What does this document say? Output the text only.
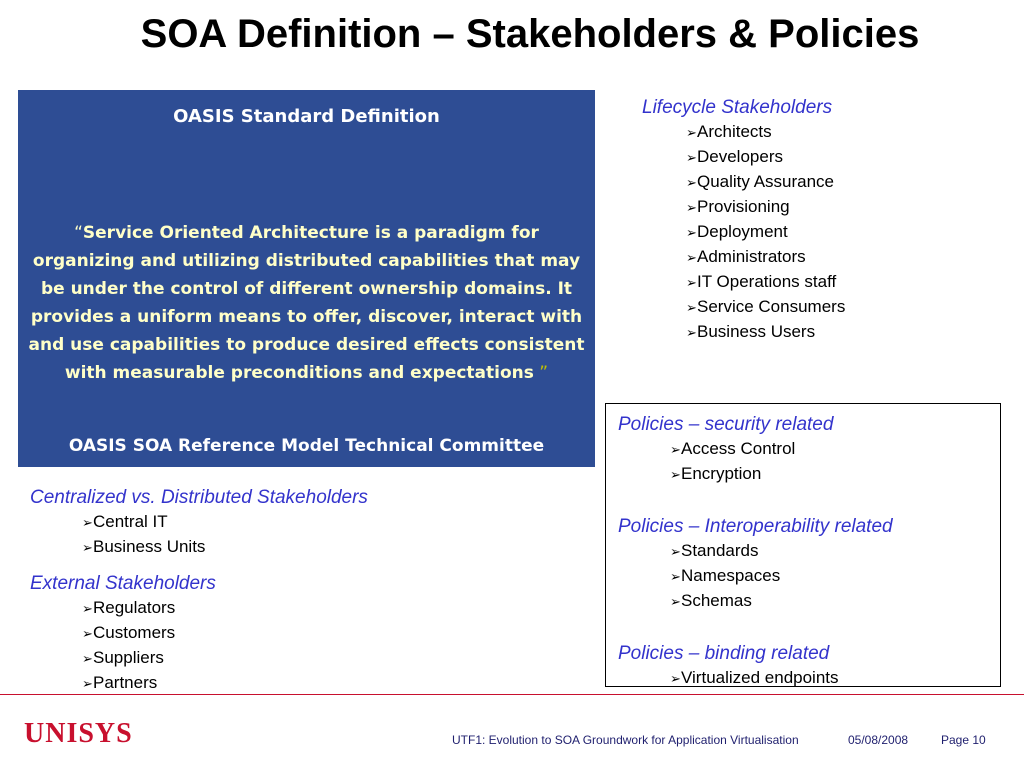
SOA Definition – Stakeholders & Policies
OASIS Standard Definition
“Service Oriented Architecture is a paradigm for organizing and utilizing distributed capabilities that may be under the control of different ownership domains. It provides a uniform means to offer, discover, interact with and use capabilities to produce desired effects consistent with measurable preconditions and expectations ”
OASIS SOA Reference Model Technical Committee
Lifecycle Stakeholders
➢Architects
➢Developers
➢Quality Assurance
➢Provisioning
➢Deployment
➢Administrators
➢IT Operations staff
➢Service Consumers
➢Business Users
Centralized vs. Distributed Stakeholders
➢Central IT
➢Business Units
External Stakeholders
➢Regulators
➢Customers
➢Suppliers
➢Partners
Policies – security related
➢Access Control
➢Encryption
Policies – Interoperability related
➢Standards
➢Namespaces
➢Schemas
Policies – binding related
➢Virtualized endpoints
UNISYS	UTF1: Evolution to SOA Groundwork for Application Virtualisation	05/08/2008	Page 10
